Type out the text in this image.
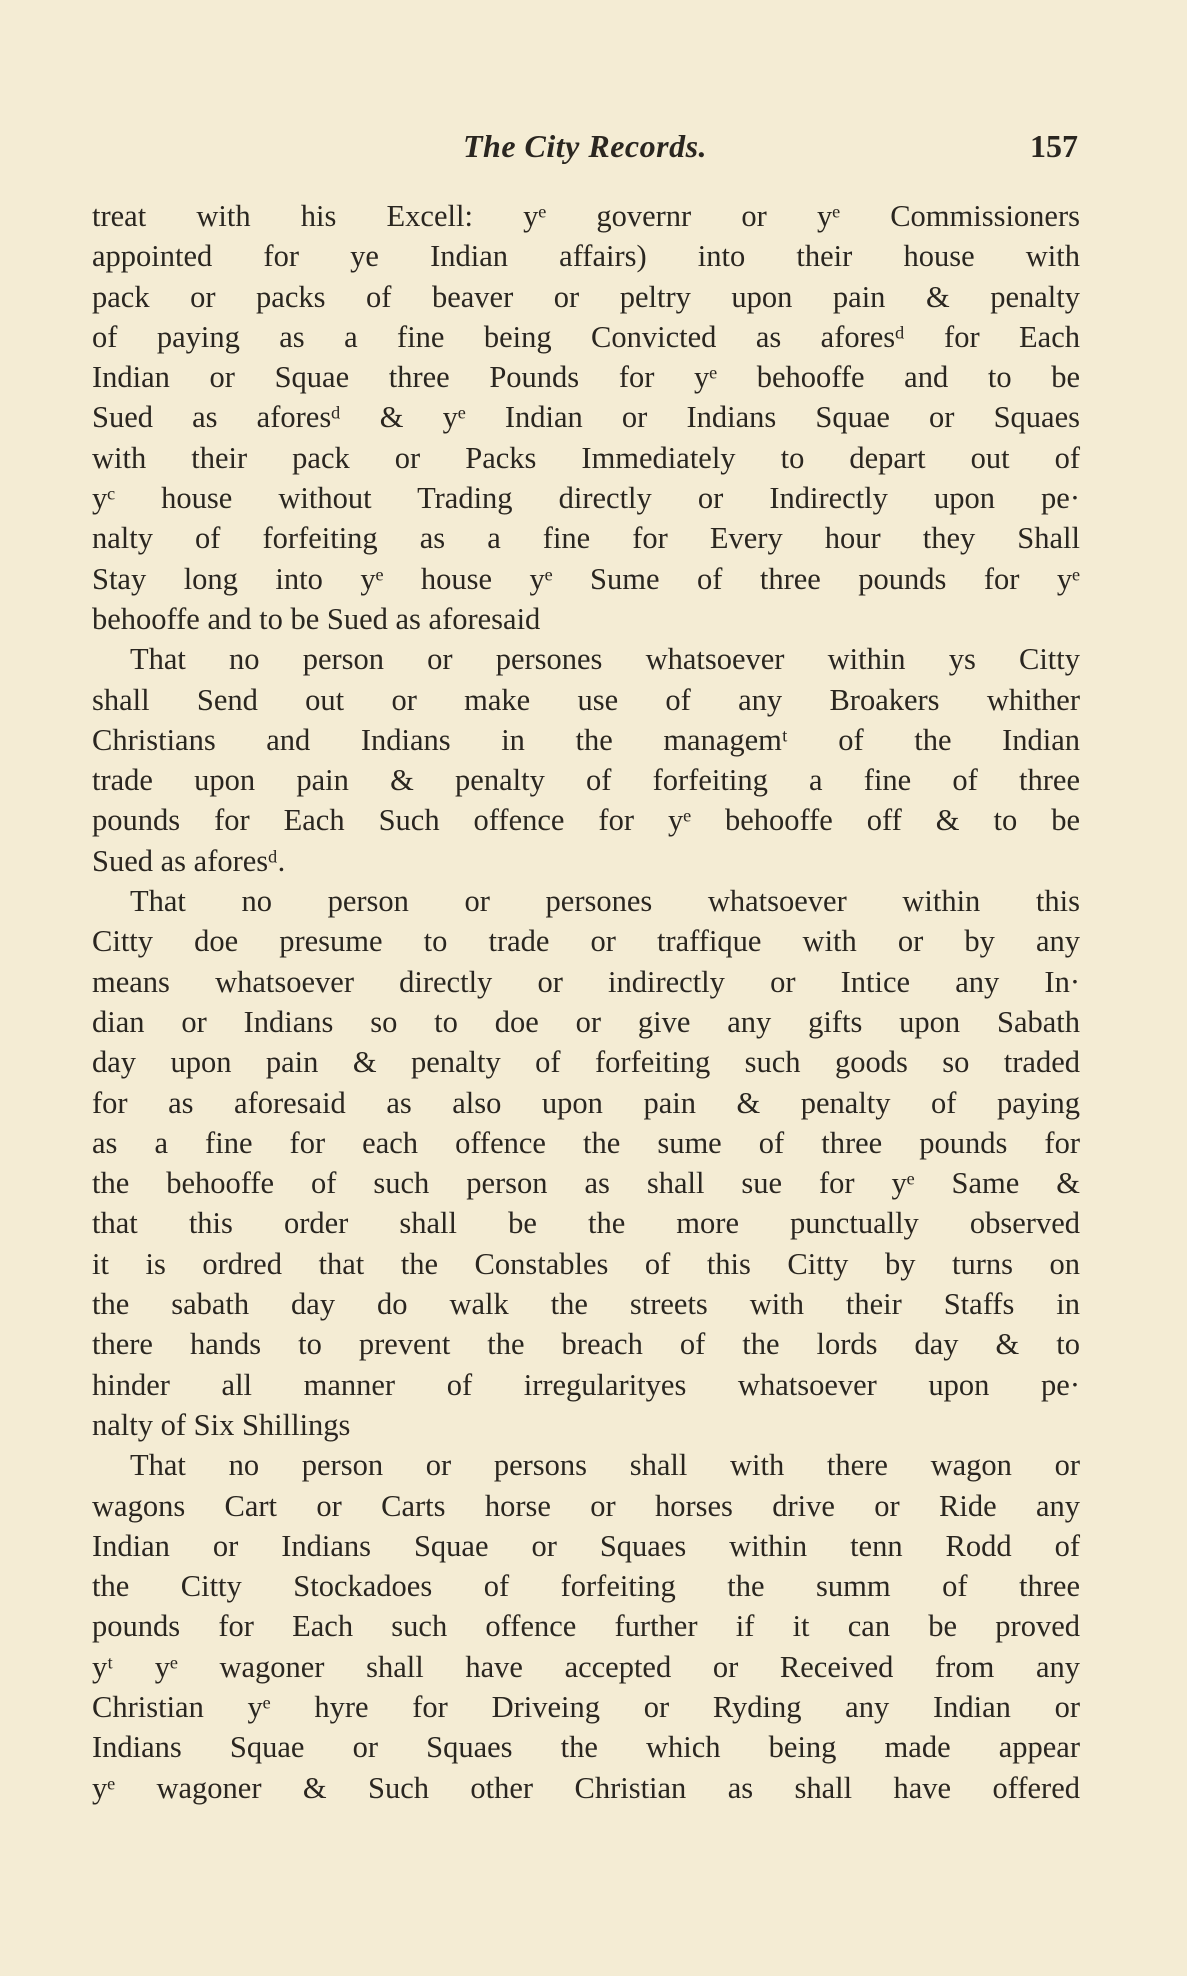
The City Records.	157
treat with his Excell: yᵉ governr or yᵉ Commissioners
appointed for ye Indian affairs) into their house with
pack or packs of beaver or peltry upon pain & penalty
of paying as a fine being Convicted as aforesᵈ for Each
Indian or Squae three Pounds for yᵉ behooffe and to be
Sued as aforesᵈ & yᵉ Indian or Indians Squae or Squaes
with their pack or Packs Immediately to depart out of
yᶜ house without Trading directly or Indirectly upon pe·
nalty of forfeiting as a fine for Every hour they Shall
Stay long into yᵉ house yᵉ Sume of three pounds for yᵉ
behooffe and to be Sued as aforesaid
That no person or persones whatsoever within ys Citty
shall Send out or make use of any Broakers whither
Christians and Indians in the managemᵗ of the Indian
trade upon pain & penalty of forfeiting a fine of three
pounds for Each Such offence for yᵉ behooffe off & to be
Sued as aforesᵈ.
That no person or persones whatsoever within this
Citty doe presume to trade or traffique with or by any
means whatsoever directly or indirectly or Intice any In·
dian or Indians so to doe or give any gifts upon Sabath
day upon pain & penalty of forfeiting such goods so traded
for as aforesaid as also upon pain & penalty of paying
as a fine for each offence the sume of three pounds for
the behooffe of such person as shall sue for yᵉ Same &
that this order shall be the more punctually observed
it is ordred that the Constables of this Citty by turns on
the sabath day do walk the streets with their Staffs in
there hands to prevent the breach of the lords day & to
hinder all manner of irregularityes whatsoever upon pe·
nalty of Six Shillings
That no person or persons shall with there wagon or
wagons Cart or Carts horse or horses drive or Ride any
Indian or Indians Squae or Squaes within tenn Rodd of
the Citty Stockadoes of forfeiting the summ of three
pounds for Each such offence further if it can be proved
yᵗ yᵉ wagoner shall have accepted or Received from any
Christian yᵉ hyre for Driveing or Ryding any Indian or
Indians Squae or Squaes the which being made appear
yᵉ wagoner & Such other Christian as shall have offered
